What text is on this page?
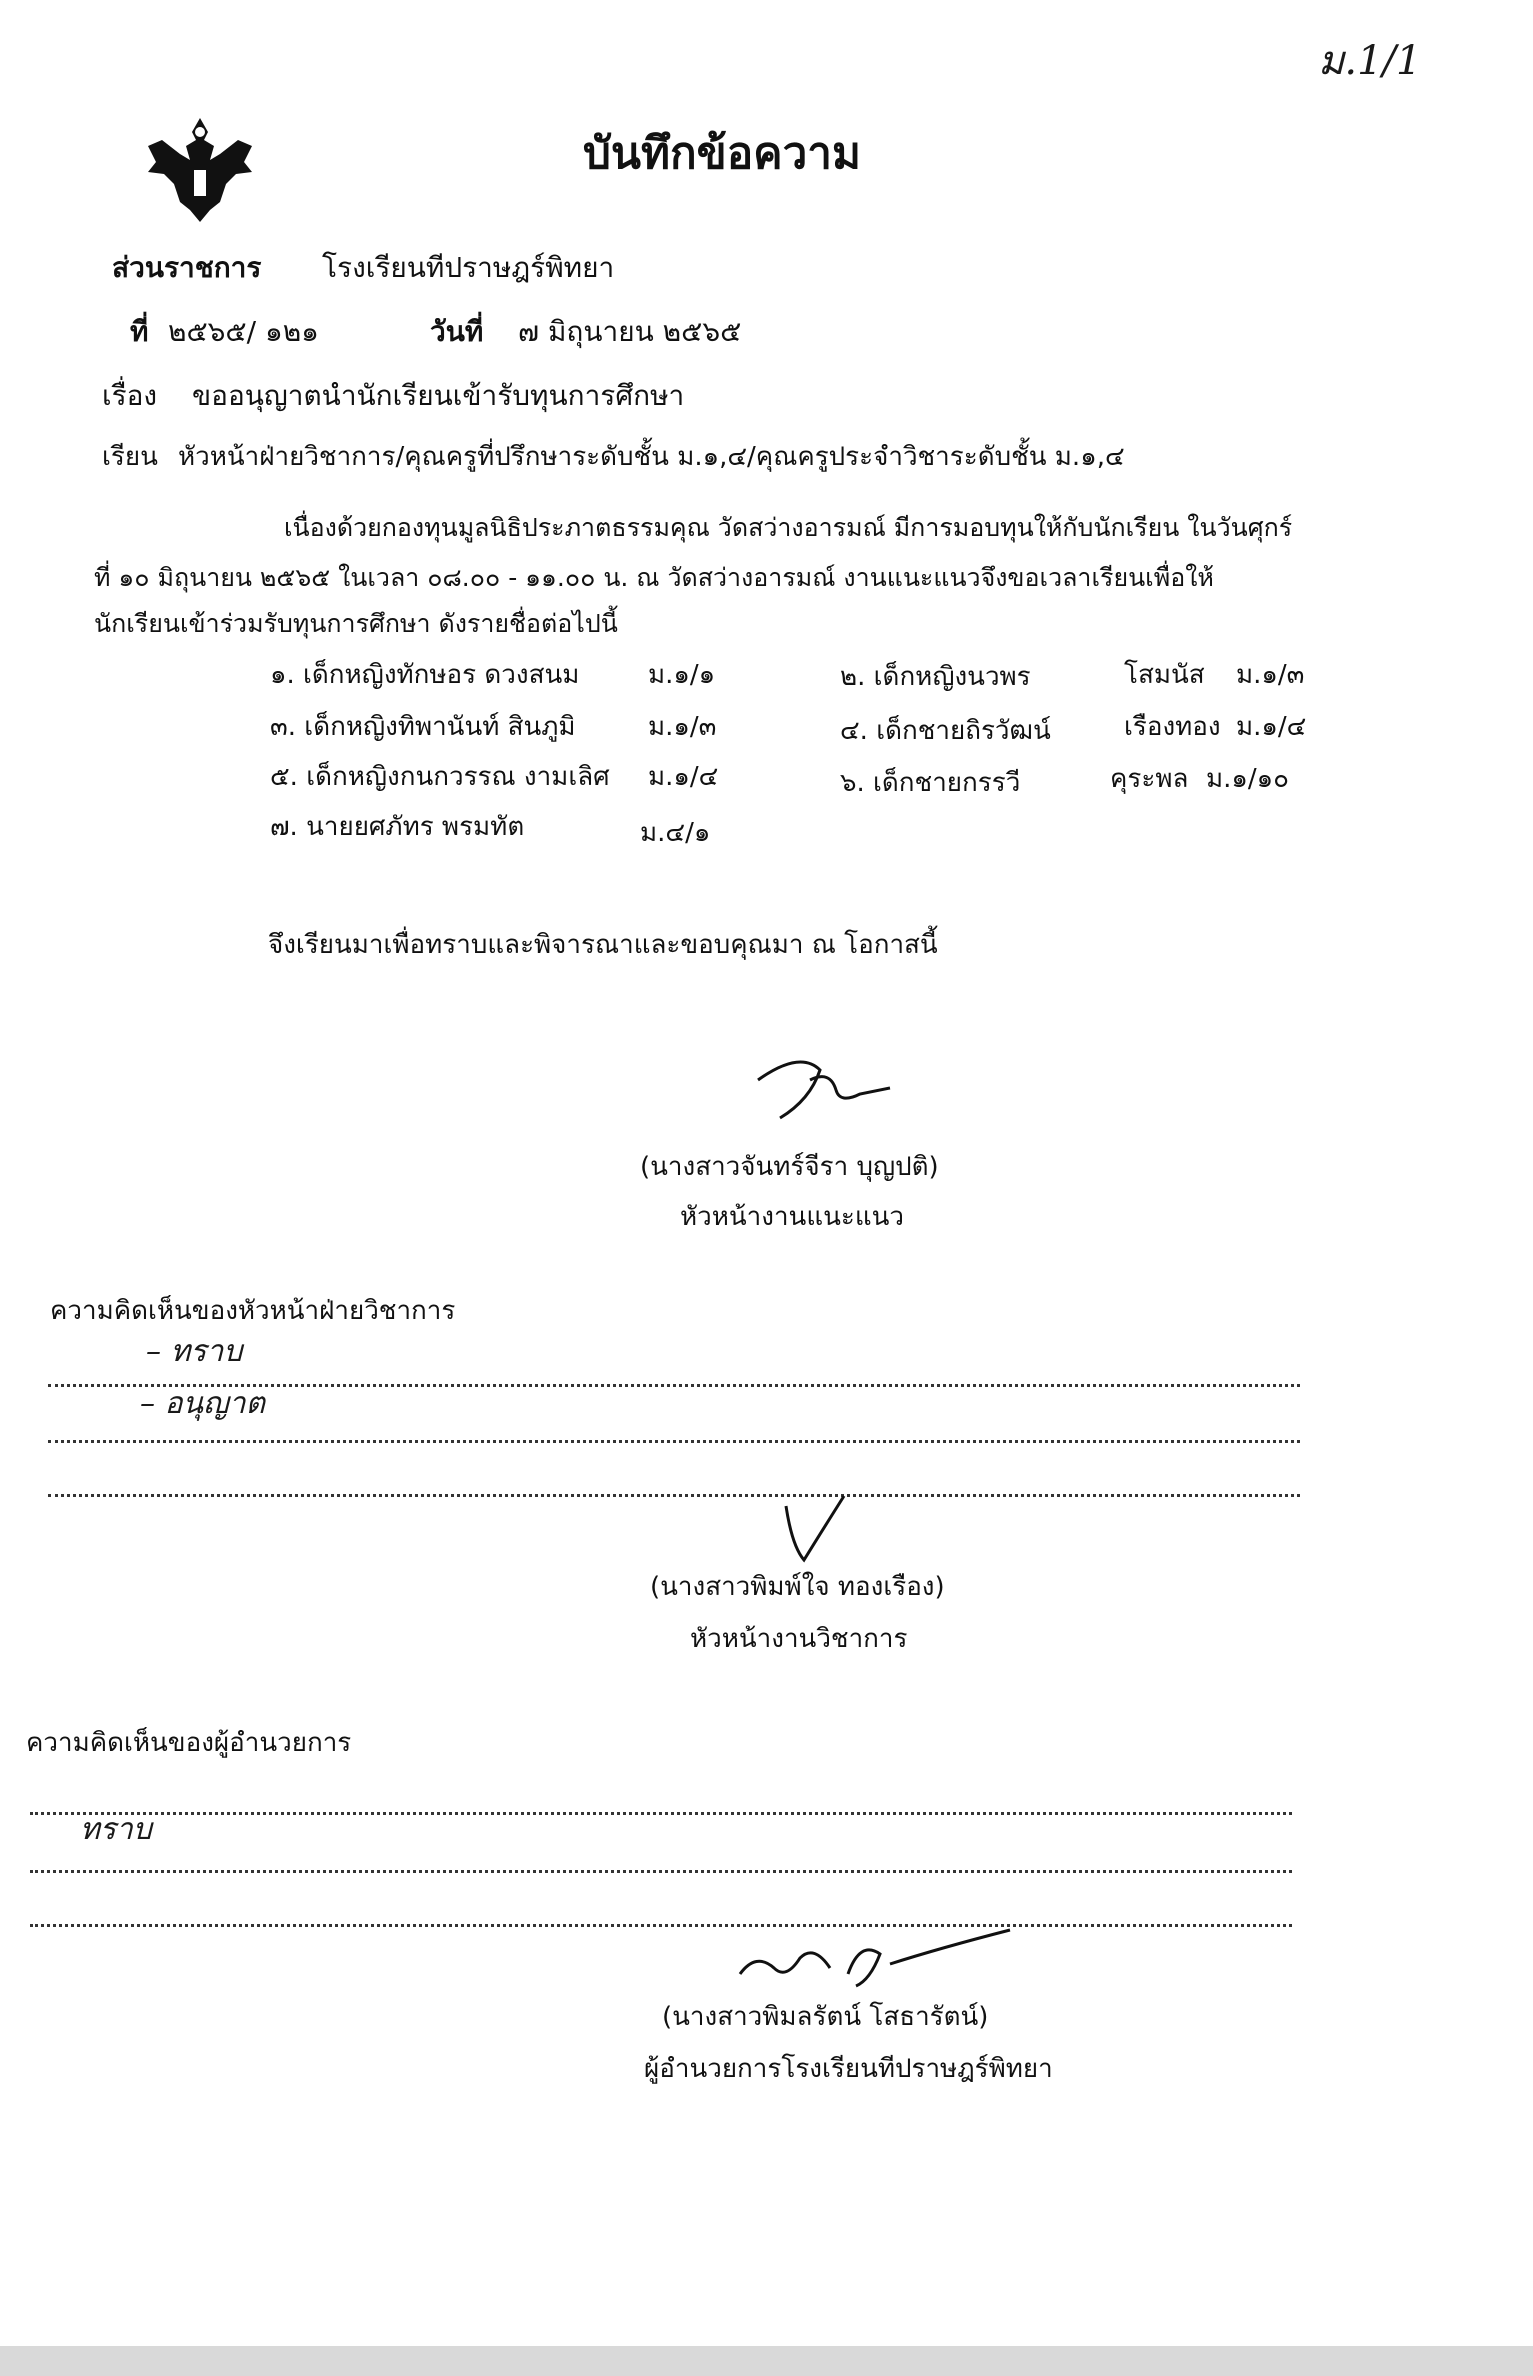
ม.1/1
บันทึกข้อความ
ส่วนราชการ โรงเรียนทีปราษฎร์พิทยา
ที่ ๒๕๖๕/ ๑๒๑	วันที่ ๗ มิถุนายน ๒๕๖๕
เรื่อง ขออนุญาตนำนักเรียนเข้ารับทุนการศึกษา
เรียน หัวหน้าฝ่ายวิชาการ/คุณครูที่ปรึกษาระดับชั้น ม.๑,๔/คุณครูประจำวิชาระดับชั้น ม.๑,๔
เนื่องด้วยกองทุนมูลนิธิประภาตธรรมคุณ วัดสว่างอารมณ์ มีการมอบทุนให้กับนักเรียน ในวันศุกร์
ที่ ๑๐ มิถุนายน ๒๕๖๕ ในเวลา ๐๘.๐๐ - ๑๑.๐๐ น. ณ วัดสว่างอารมณ์ งานแนะแนวจึงขอเวลาเรียนเพื่อให้
นักเรียนเข้าร่วมรับทุนการศึกษา ดังรายชื่อต่อไปนี้
๑. เด็กหญิงทักษอร ดวงสนม	ม.๑/๑	๒. เด็กหญิงนวพร	โสมนัส ม.๑/๓
๓. เด็กหญิงทิพานันท์ สินภูมิ	ม.๑/๓	๔. เด็กชายถิรวัฒน์	เรืองทอง ม.๑/๔
๕. เด็กหญิงกนกวรรณ งามเลิศ ม.๑/๔	๖. เด็กชายกรรวี	คุระพล ม.๑/๑๐
๗. นายยศภัทร พรมทัต	ม.๔/๑
จึงเรียนมาเพื่อทราบและพิจารณาและขอบคุณมา ณ โอกาสนี้
(นางสาวจันทร์จีรา บุญปติ)
หัวหน้างานแนะแนว
ความคิดเห็นของหัวหน้าฝ่ายวิชาการ
– ทราบ
– อนุญาต
(นางสาวพิมพ์ใจ ทองเรือง)
หัวหน้างานวิชาการ
ความคิดเห็นของผู้อำนวยการ
ทราบ
(นางสาวพิมลรัตน์ โสธารัตน์)
ผู้อำนวยการโรงเรียนทีปราษฎร์พิทยา
